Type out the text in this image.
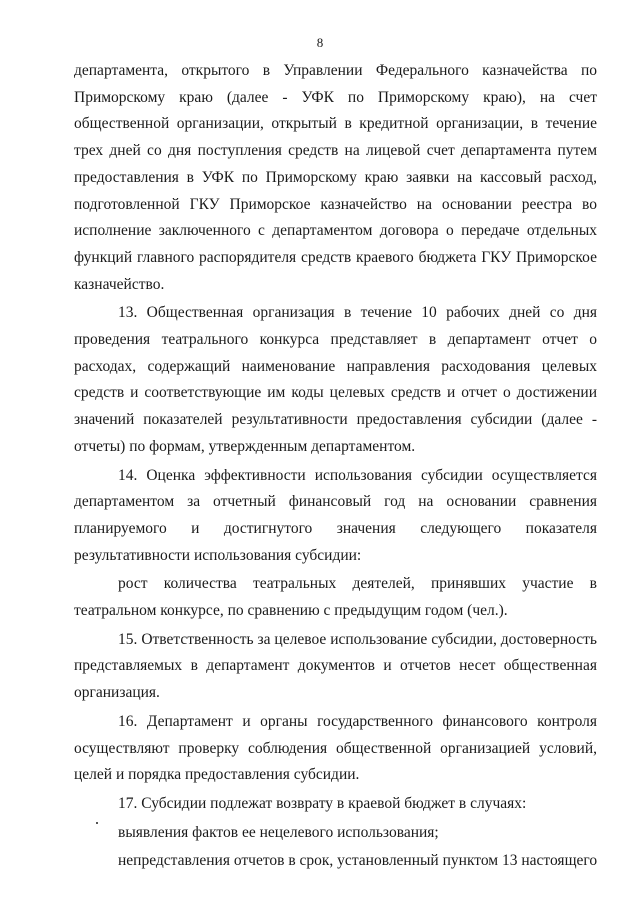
8

департамента, открытого в Управлении Федерального казначейства по Приморскому краю (далее - УФК по Приморскому краю), на счет общественной организации, открытый в кредитной организации, в течение трех дней со дня поступления средств на лицевой счет департамента путем предоставления в УФК по Приморскому краю заявки на кассовый расход, подготовленной ГКУ Приморское казначейство на основании реестра во исполнение заключенного с департаментом договора о передаче отдельных функций главного распорядителя средств краевого бюджета ГКУ Приморское казначейство.

13. Общественная организация в течение 10 рабочих дней со дня проведения театрального конкурса представляет в департамент отчет о расходах, содержащий наименование направления расходования целевых средств и соответствующие им коды целевых средств и отчет о достижении значений показателей результативности предоставления субсидии (далее - отчеты) по формам, утвержденным департаментом.

14. Оценка эффективности использования субсидии осуществляется департаментом за отчетный финансовый год на основании сравнения планируемого и достигнутого значения следующего показателя результативности использования субсидии:

рост количества театральных деятелей, принявших участие в театральном конкурсе, по сравнению с предыдущим годом (чел.).

15. Ответственность за целевое использование субсидии, достоверность представляемых в департамент документов и отчетов несет общественная организация.

16. Департамент и органы государственного финансового контроля осуществляют проверку соблюдения общественной организацией условий, целей и порядка предоставления субсидии.

17. Субсидии подлежат возврату в краевой бюджет в случаях:

выявления фактов ее нецелевого использования;

непредставления отчетов в срок, установленный пунктом 13 настоящего
